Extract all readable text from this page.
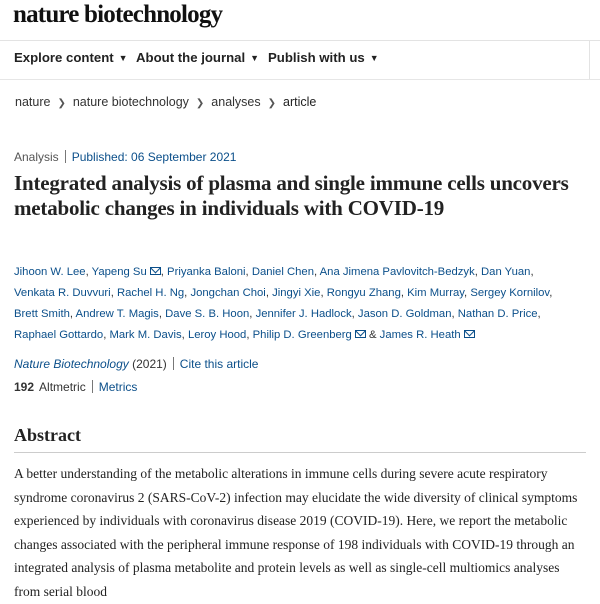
nature biotechnology
Explore content ▼ About the journal ▼ Publish with us ▼
nature ❯ nature biotechnology ❯ analyses ❯ article
Analysis Published: 06 September 2021
Integrated analysis of plasma and single immune cells uncovers metabolic changes in individuals with COVID-19
Jihoon W. Lee, Yapeng Su , Priyanka Baloni, Daniel Chen, Ana Jimena Pavlovitch-Bedzyk, Dan Yuan, Venkata R. Duvvuri, Rachel H. Ng, Jongchan Choi, Jingyi Xie, Rongyu Zhang, Kim Murray, Sergey Kornilov, Brett Smith, Andrew T. Magis, Dave S. B. Hoon, Jennifer J. Hadlock, Jason D. Goldman, Nathan D. Price, Raphael Gottardo, Mark M. Davis, Leroy Hood, Philip D. Greenberg & James R. Heath
Nature Biotechnology (2021) Cite this article
192 Altmetric Metrics
Abstract

A better understanding of the metabolic alterations in immune cells during severe acute respiratory syndrome coronavirus 2 (SARS-CoV-2) infection may elucidate the wide diversity of clinical symptoms experienced by individuals with coronavirus disease 2019 (COVID-19). Here, we report the metabolic changes associated with the peripheral immune response of 198 individuals with COVID-19 through an integrated analysis of plasma metabolite and protein levels as well as single-cell multiomics analyses from serial blood
